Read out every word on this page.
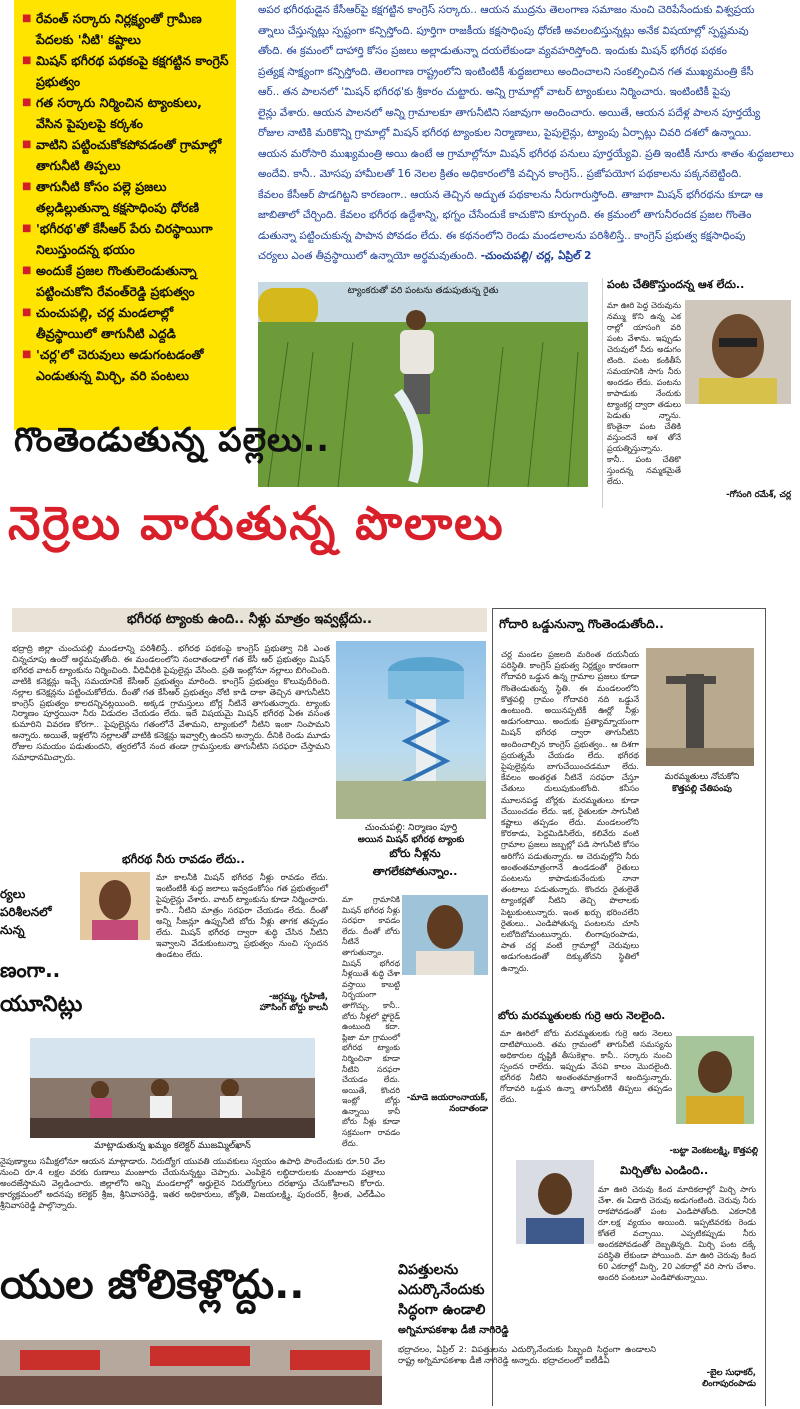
■ రేవంత్ సర్కారు నిర్లక్ష్యంతో గ్రామీణ పేదలకు 'నీటి' కష్టాలు
■ మిషన్ భగీరథ పథకంపై కక్షగట్టిన కాంగ్రెస్ ప్రభుత్వం
■ గత సర్కారు నిర్మించిన ట్యాంకులు, వేసిన పైపులపై కర్కశం
■ వాటిని పట్టించుకోకపోవడంతో గ్రామాల్లో తాగునీటి తిప్పలు
■ తాగునీటి కోసం పల్లె ప్రజలు తల్లడిల్లుతున్నా కక్షసాధింపు ధోరణి
■ 'భగీరథ'తో కేసీఆర్ పేరు చిరస్థాయిగా నిలుస్తుందన్న భయం
■ అందుకే ప్రజల గొంతులెండుతున్నా పట్టించుకోని రేవంత్‌రెడ్డి ప్రభుత్వం
■ చుంచుపల్లి, చర్ల మండలాల్లో తీవ్రస్థాయిలో తాగునీటి ఎద్దడి
■ 'చర్ల'లో చెరువులు అడుగంటడంతో ఎండుతున్న మిర్చి, వరి పంటలు
అపర భగీరథుడైన కేసీఆర్‌పై కక్షగట్టిన కాంగ్రెస్ సర్కారు.. ఆయన ముద్రను తెలంగాణ సమాజం నుంచి చెరిపేసేందుకు విశ్వప్రయ
త్నాలు చేస్తున్నట్లు స్పష్టంగా కన్పిస్తోంది. పూర్తిగా రాజకీయ కక్షసాధింపు ధోరణి అవలంబిస్తున్నట్లు అనేక విషయాల్లో స్పష్టమవు
తోంది. ఈ క్రమంలో దాహార్తి కోసం ప్రజలు అల్లాడుతున్నా దయలేకుండా వ్యవహరిస్తోంది. ఇందుకు మిషన్ భగీరథ పథకం
ప్రత్యక్ష సాక్ష్యంగా కన్పిస్తోంది. తెలంగాణ రాష్ట్రంలోని ఇంటింటికీ శుద్ధజలాలు అందించాలని సంకల్పించిన గత ముఖ్యమంత్రి కేసీ
ఆర్.. తన పాలనలో 'మిషన్ భగీరథ'కు శ్రీకారం చుట్టారు. అన్ని గ్రామాల్లో వాటర్ ట్యాంకులు నిర్మించారు. ఇంటింటికీ పైపు
లైన్లు వేశారు. ఆయన పాలనలో అన్ని గ్రామాలకూ తాగునీటిని సజావుగా అందించారు. అయితే, ఆయన పదేళ్ల పాలన పూర్తయ్యే
రోజుల నాటికి మరికొన్ని గ్రామాల్లో మిషన్ భగీరథ ట్యాంకుల నిర్మాణాలు, పైపులైన్లు, ట్యాంపు ఏర్పాట్లు చివరి దశలో ఉన్నాయి.
ఆయన మరోసారి ముఖ్యమంత్రి అయి ఉంటే ఆ గ్రామాల్లోనూ మిషన్ భగీరథ పనులు పూర్తయ్యేవి. ప్రతి ఇంటికీ నూరు శాతం శుద్ధజలాలు
అందేవి. కానీ.. మోసపు హామీలతో 16 నెలల క్రితం అధికారంలోకి వచ్చిన కాంగ్రెస్.. ప్రజోపయోగ పథకాలను పక్కనబెట్టింది.
కేవలం కేసీఆర్ పొడగిట్టని కారణంగా.. ఆయన తెచ్చిన అద్భుత పథకాలను నీరుగారుస్తోంది. తాజాగా మిషన్ భగీరథను కూడా ఆ
జాబితాలో చేర్చింది. కేవలం భగీరథ ఉద్దేశాన్ని, భగ్నం చేసేందుకే కాచుకొని కూర్చుంది. ఈ క్రమంలో తాగునీరందక ప్రజల గొంతెం
డుతున్నా పట్టించుకున్న పాపాన పోవడం లేదు. ఈ కథనంలోని రెండు మండలాలను పరిశీలిస్తే.. కాంగ్రెస్ ప్రభుత్వ కక్షసాధింపు
చర్యలు ఎంత తీవ్రస్థాయిలో ఉన్నాయో అర్థమవుతుంది. -చుంచుపల్లి/ చర్ల, ఏప్రిల్ 2
ట్యాంకరుతో వరి పంటను తడుపుతున్న రైతు	పంట చేతికొస్తుందన్న ఆశ లేదు..
మా ఊరి పెద్ద చెరువును నమ్ము కొని ఉన్న ఎక రాల్లో యాసంగి వరి పంట వేశాను. ఇప్పుడు చెరువులో నీరు అడుగం టింది. పంట కంకితీసే సమయానికి సాగు నీరు అందడం లేదు. పంటను కాపాడుకు నేందుకు ట్యాంకర్ల ద్వారా తడులు పెడుతు న్నాను. కొంతైనా పంట చేతికి వస్తుందనే ఆశ తోనే ప్రయత్నిస్తున్నాను. కానీ.. పంట చేతికొ స్తుందన్న నమ్మకమైతే లేదు.
-గోసంగి రమేశ్, చర్ల
గొంతెండుతున్న పల్లెలు..
నెర్రెలు వారుతున్న పొలాలు
భగీరథ ట్యాంకు ఉంది.. నీళ్లు మాత్రం ఇవ్వట్లేదు..
భద్రాద్రి జిల్లా చుంచుపల్లి మండలాన్ని పరిశీలిస్తే.. భగీరథ పథకంపై కాంగ్రెస్ ప్రభుత్వా నికి ఎంత చిన్నచూపు ఉందో అర్థమవుతోంది. ఈ మండలంలోని నందాతండాలో గత కేసీ ఆర్ ప్రభుత్వం మిషన్ భగీరథ వాటర్ ట్యాంకును నిర్మించింది. వీధివీధికి పైపులైన్లు వేసింది. ప్రతి ఇంట్లోనూ నల్లాలు బిగించింది. వాటికి కనెక్షన్లు ఇచ్చే సమయానికే కేసీఆర్ ప్రభుత్వం మారింది. కాంగ్రెస్ ప్రభుత్వం కొలువుదీరింది. నల్లాల కనెక్షన్లను పట్టించుకోలేదు. దీంతో గత కేసీఆర్ ప్రభుత్వం నోటి కాడి దాకా తెచ్చిన తాగునీటిని కాంగ్రెస్ ప్రభుత్వం కాలదన్నినట్లయింది. అక్కడ గ్రామస్తులు బోర్ల నీటినే తాగుతున్నారు. ట్యాంకు నిర్మాణం పూర్తయినా నీరు విడుదల చేయడం లేదు. ఇదే విషయమై మిషన్ భగీరథ ఏఈ వసంత కుమారిని వివరణ కోరగా.. పైపులైన్లను గతంలోనే వేశామని, ట్యాంకులో నీటిని ఇంకా నింపామని అన్నారు. అయితే, ఇళ్లలోని నల్లాలతో వాటికి కనెక్షన్లు ఇవ్వాల్సి ఉందని అన్నారు. దీనికి రెండు మూడు రోజుల సమయం పడుతుందని, త్వరలోనే నంద తండా గ్రామస్తులకు తాగునీటిని సరఫరా చేస్తామని సమాధానమిచ్చారు.
చుంచుపల్లి: నిర్మాణం పూర్తి
అయిన మిషన్ భగీరథ ట్యాంకు
భగీరథ నీరు రావడం లేదు..
మా కాలనీకి మిషన్ భగీరథ నీళ్లు రావడం లేదు. ఇంటింటికీ శుద్ధ జలాలు ఇవ్వడంకోసం గత ప్రభుత్వంలో పైపులైన్లు వేశారు. వాటర్ ట్యాంకును కూడా నిర్మించారు. కానీ.. నీటిని మాత్రం సరఫరా చేయడం లేదు. దీంతో అన్ని సీజన్లూ ఉప్పునీటి బోరు నీళ్లు తాగక తప్పడం లేదు. మిషన్ భగీరథ ద్వారా శుద్ధి చేసిన నీటిని ఇవ్వాలని వేడుకుంటున్నా ప్రభుత్వం నుంచి స్పందన ఉండటం లేదు.
-జగ్గమ్మ, గృహిణి,
హౌసింగ్ బోర్డు కాలనీ
బోరు నీళ్లను
తాగలేకపోతున్నాం..
మా గ్రామానికి మిషన్ భగీరథ నీళ్లు సరఫరా కావడం లేదు. దీంతో బోరు నీటినే తాగుతున్నాం. మిషన్ భగీరథ నీళ్లయితే శుద్ధి చేశా వస్తాయి కాబట్టి నిర్భయంగా తాగొచ్చు. కానీ.. బోరు నీళ్లలో ఫ్లోరైడ్ ఉంటుంది కదా. ప్లిజా మా గ్రామంలో భగీరథ ట్యాంకు నిర్మించినా కూడా నీటిని సరఫరా చేయడం లేదు. అయితే, కొందరి ఇంట్లో బోర్లు ఉన్నాయి కానీ బోరు నీళ్లు కూడా సక్రమంగా రావడం లేదు.
-మాడె జయరాంనాయక్,
నందాతండా
గోదారి ఒడ్డునున్నా గొంతెండుతోంది..
చర్ల మండల ప్రజలది మరింత దయనీయ పరిస్థితి. కాంగ్రెస్ ప్రభుత్వ నిర్లక్ష్యం కారణంగా గోదావరి ఒడ్డున ఉన్న గ్రామాల ప్రజలు కూడా గొంతెండుతున్న స్థితి. ఈ మండలంలోని కొత్తపల్లి గ్రామం గోదావరి నది ఒడ్డునే ఉంటుంది. అయినప్పటికీ ఊర్లో నీళ్లు అడుగంటాయి. అందుకు ప్రత్యామ్నాయంగా మిషన్ భగీరథ ద్వారా తాగునీటిని అందించాల్సిన కాంగ్రెస్ ప్రభుత్వం.. ఆ దిశగా ప్రయత్నమే చేయడం లేదు. భగీరథ పైపులైన్లను బాగుచేయించడమూ లేదు. కేవలం అంతర్గత నీటినే సరఫరా చేస్తూ చేతులు దులుపుకుంటోంది. కనీసం మూలనపడ్డ బోర్లకు మరమ్మతులు కూడా చేయించడం లేదు. ఇక, రైతులకూ సాగునీటి కష్టాలు తప్పడం లేదు. మండలంలోని కొరకాడు, పెద్దమిడిసిలేరు, కలివేరు వంటి గ్రామాల ప్రజలు జబ్బల్లో పడి సాగునీటి కోసం అరిగోస పడుతున్నారు. ఆ చెరువుల్లోని నీరు అంతంతమాత్రంగానే ఉండడంతో రైతులు పంటలను కాపాడుకునేందుకు నానా తంటాలు పడుతున్నారు. కొందరు రైతులైతే ట్యాంకర్లతో నీటిని తెచ్చి పొలాలకు పెట్టుకుంటున్నారు. ఇంత ఖర్చు భరించలేని రైతులు.. ఎండిపోతున్న పంటలను చూసి లబోదిబోమంటున్నారు. లింగాపురంపాడు, పాత చర్ల వంటి గ్రామాల్లో చెరువులు అడుగంటడంతో దిక్కుతోచని స్థితిలో ఉన్నారు.
మరమ్మతులు నోచుకోని
కొత్తపల్లి చేతిపంపు
బోరు మరమ్మతులకు గుర్రె ఆరు నెలలైంది.
మా ఊరిలో బోరు మరమ్మతులకు గుర్రె ఆరు నెలలు దాటిపోయింది. తమ గ్రామంలో తాగునీటి సమస్యను అధికారుల దృష్టికి తీసుకెళ్లాం. కానీ.. సర్కారు నుంచి స్పందన రాలేదు. ఇప్పుడు వేసవి కాలం మొదలైంది. భగీరథ నీటిని అంతంతమాత్రంగానే అందిస్తున్నారు. గోదావరి ఒడ్డున ఉన్నా తాగునీటికి తిప్పలు తప్పడం లేదు.
-బట్టా వెంకటలక్ష్మి, కొత్తపల్లి
మిర్చితోట ఎండింది..
మా ఊరి చెరువు కింద మాదికలాల్లో మిర్చి సాగు చేశా. ఈ ఏడాది చెరువు అడుగంటింది. చెరువు నీరు రాకపోవడంతో పంట ఎండిపోతోంది. ఎకరానికి రూ.లక్ష వ్యయం అయింది. ఇప్పటివరకు రెండు కోతలే వచ్చాయి. ఎప్పటికప్పుడు నీరు అందకపోవడంతో దెబ్బతిన్నది. మిర్చి పంట దక్కే పరిస్థితి లేకుండా పోయింది. మా ఊరి చెరువు కింద 60 ఎకరాల్లో మిర్చి, 20 ఎకరాల్లో వరి సాగు చేశాం. అందరి పంటలూ ఎండిపోతున్నాయి.
-బైల సుధాకర్,
లింగాపురంపాడు
ర్యలు
పరిశీలనలో
నున్న
ణంగా..
యూనిట్లు
మాట్లాడుతున్న ఖమ్మం కలెక్టర్ ముజమ్మిల్‌ఖాన్
నైపుణ్యాలు సమీక్షలోనూ ఆయన మాట్లాడారు. నిరుద్యోగ యువతి యువకులు స్వయం ఉపాధి పొందేందుకు రూ.50 వేల నుంచి రూ.4 లక్షల వరకు రుణాలు మంజూరు చేయనున్నట్టు చెప్పారు. ఎంపికైన లబ్ధిదారులకు మంజూరు పత్రాలు అందజేస్తామని వెల్లడించారు. జిల్లాలోని అన్ని మండలాల్లో అర్హులైన నిరుద్యోగులు దరఖాస్తు చేసుకోవాలని కోరారు. కార్యక్రమంలో అదనపు కలెక్టర్ శ్రీజ, శ్రీనివాసరెడ్డి, ఇతర అధికారులు, జ్యోతి, విజయలక్ష్మి, పురందర్, శ్రీలత, ఎల్‌డీఎం శ్రీనివాసరెడ్డి పాల్గొన్నారు.
యుల జోలికెళ్లొద్దు..	విపత్తులను
ఎదుర్కొనేందుకు
సిద్ధంగా ఉండాలి
అగ్నిమాపకశాఖ డీజీ నాగిరెడ్డి
భద్రాచలం, ఏప్రిల్ 2: విపత్తులను ఎదుర్కొనేందుకు సిబ్బంది సిద్ధంగా ఉండాలని రాష్ట్ర అగ్నిమాపకశాఖ డీజీ నాగిరెడ్డి అన్నారు. భద్రాచలంలో ఐటీడీఏ
